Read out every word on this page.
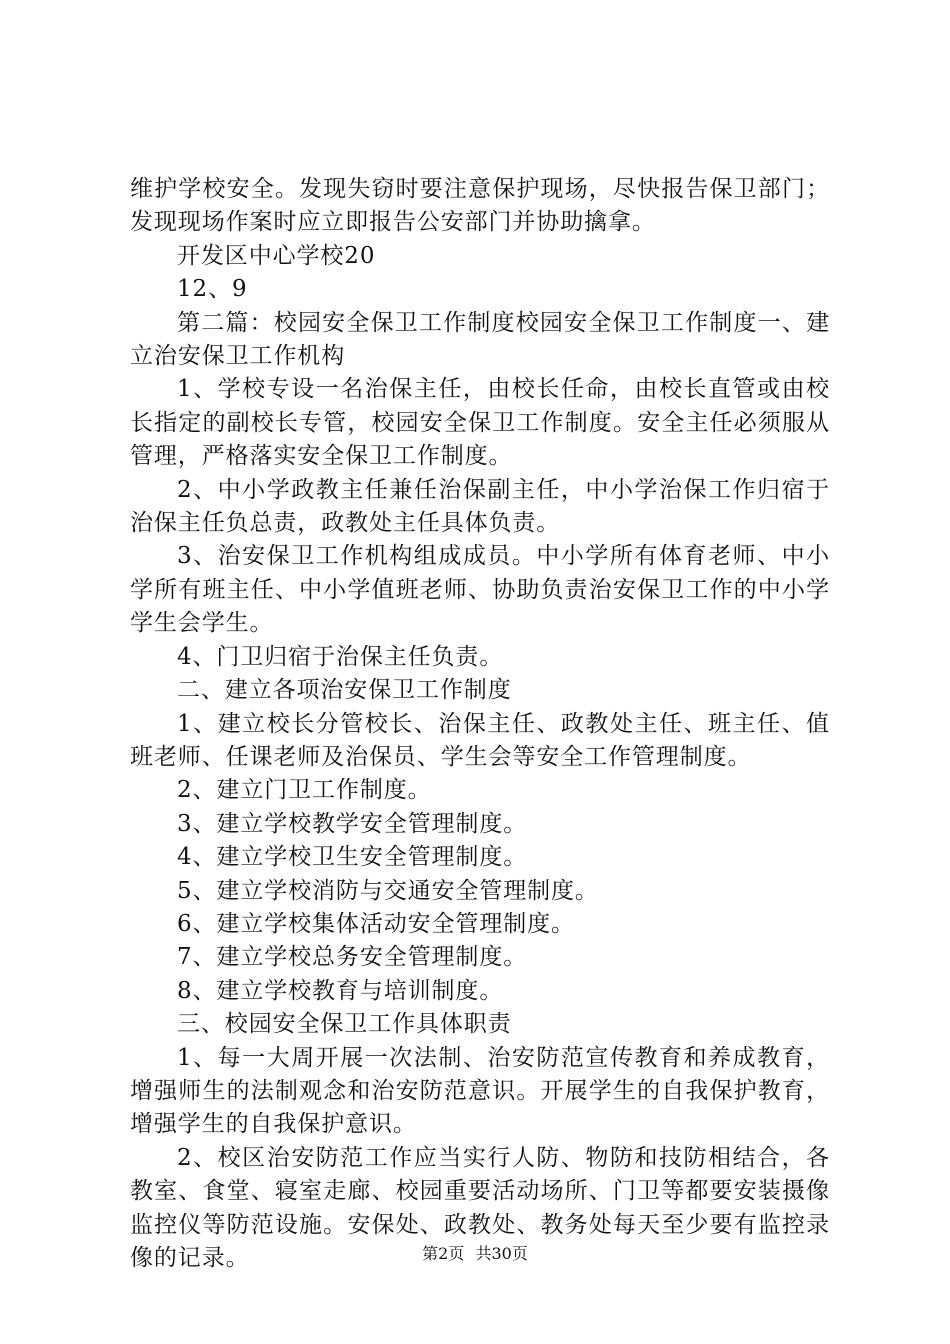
维护学校安全。发现失窃时要注意保护现场，尽快报告保卫部门；发现现场作案时应立即报告公安部门并协助擒拿。

开发区中心学校20

12、9

第二篇：校园安全保卫工作制度校园安全保卫工作制度一、建立治安保卫工作机构

1、学校专设一名治保主任，由校长任命，由校长直管或由校长指定的副校长专管，校园安全保卫工作制度。安全主任必须服从管理，严格落实安全保卫工作制度。

2、中小学政教主任兼任治保副主任，中小学治保工作归宿于治保主任负总责，政教处主任具体负责。

3、治安保卫工作机构组成成员。中小学所有体育老师、中小学所有班主任、中小学值班老师、协助负责治安保卫工作的中小学学生会学生。

4、门卫归宿于治保主任负责。

二、建立各项治安保卫工作制度

1、建立校长分管校长、治保主任、政教处主任、班主任、值班老师、任课老师及治保员、学生会等安全工作管理制度。

2、建立门卫工作制度。

3、建立学校教学安全管理制度。

4、建立学校卫生安全管理制度。

5、建立学校消防与交通安全管理制度。

6、建立学校集体活动安全管理制度。

7、建立学校总务安全管理制度。

8、建立学校教育与培训制度。

三、校园安全保卫工作具体职责

1、每一大周开展一次法制、治安防范宣传教育和养成教育，增强师生的法制观念和治安防范意识。开展学生的自我保护教育，增强学生的自我保护意识。

2、校区治安防范工作应当实行人防、物防和技防相结合，各教室、食堂、寝室走廊、校园重要活动场所、门卫等都要安装摄像监控仪等防范设施。安保处、政教处、教务处每天至少要有监控录像的记录。	第2页 共30页
